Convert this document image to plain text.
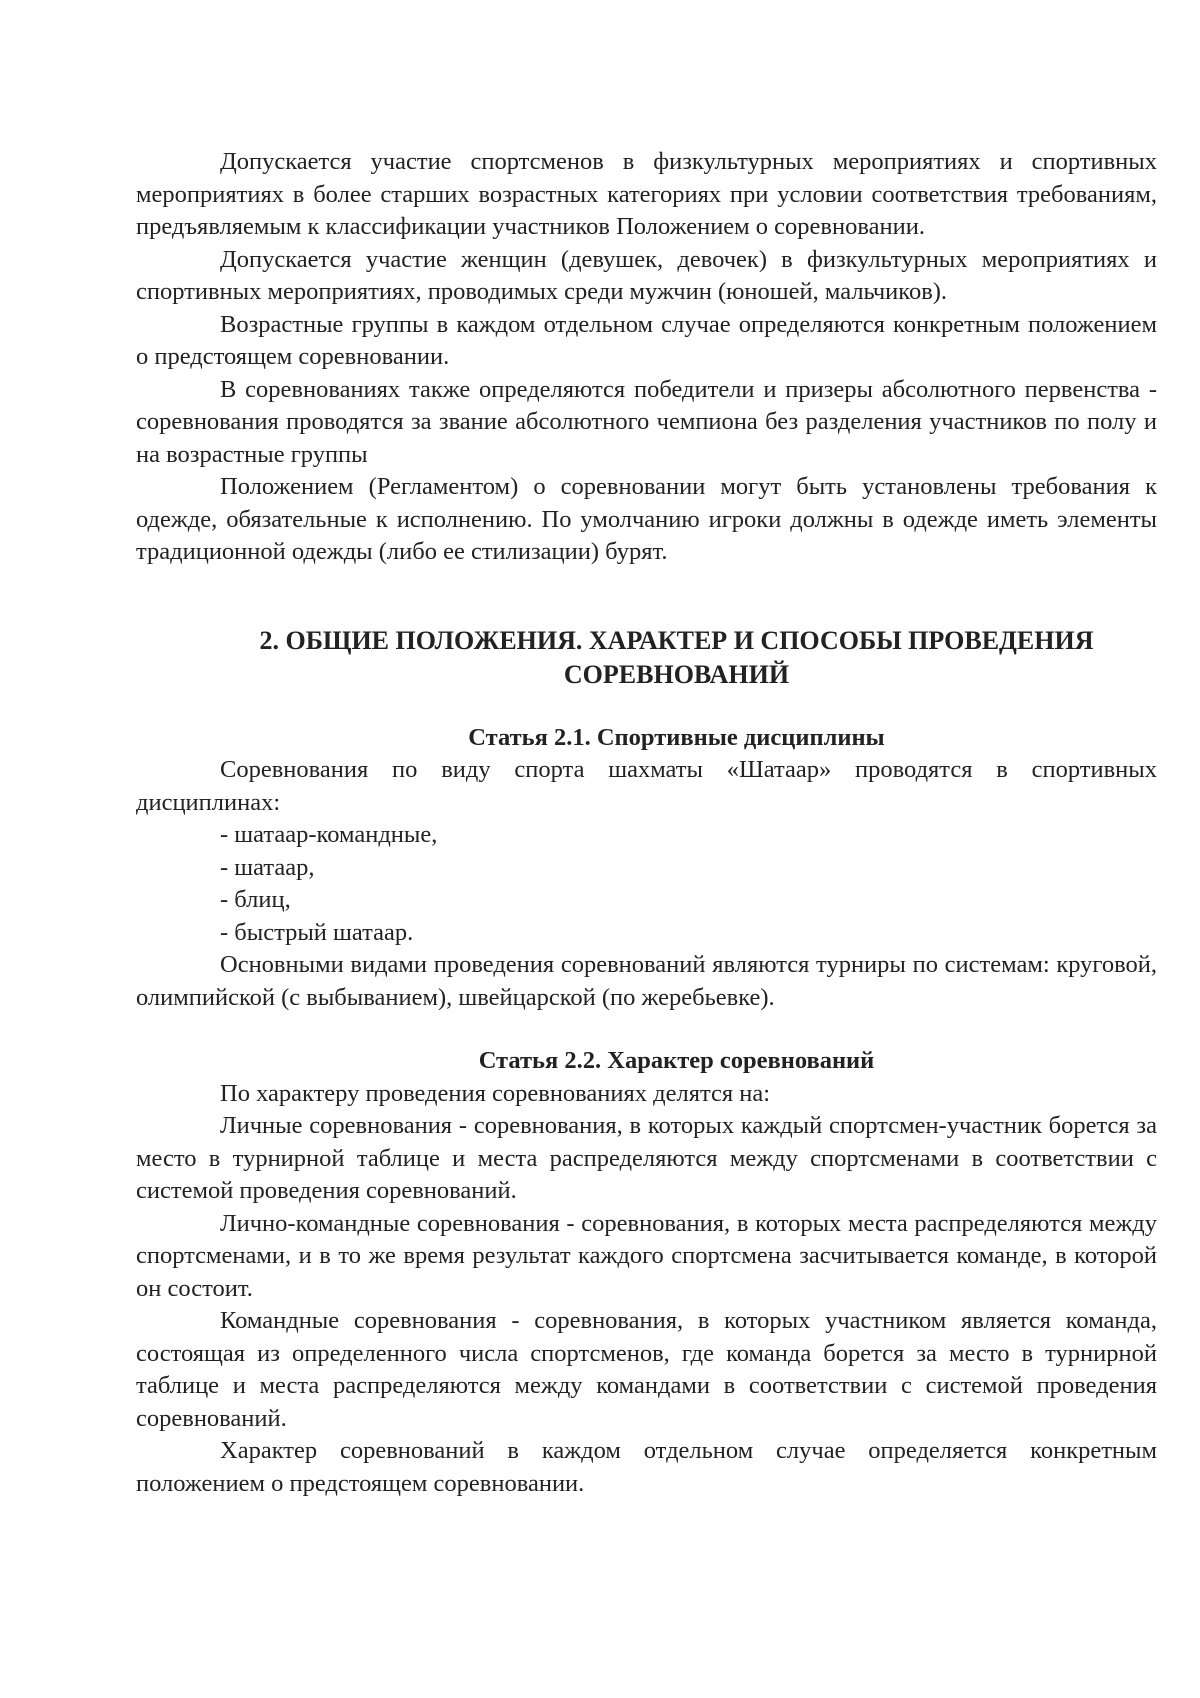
Допускается участие спортсменов в физкультурных мероприятиях и спортивных мероприятиях в более старших возрастных категориях при условии соответствия требованиям, предъявляемым к классификации участников Положением о соревновании.

Допускается участие женщин (девушек, девочек) в физкультурных мероприятиях и спортивных мероприятиях, проводимых среди мужчин (юношей, мальчиков).

Возрастные группы в каждом отдельном случае определяются конкретным положением о предстоящем соревновании.

В соревнованиях также определяются победители и призеры абсолютного первенства - соревнования проводятся за звание абсолютного чемпиона без разделения участников по полу и на возрастные группы

Положением (Регламентом) о соревновании могут быть установлены требования к одежде, обязательные к исполнению. По умолчанию игроки должны в одежде иметь элементы традиционной одежды (либо ее стилизации) бурят.

2. ОБЩИЕ ПОЛОЖЕНИЯ. ХАРАКТЕР И СПОСОБЫ ПРОВЕДЕНИЯ
СОРЕВНОВАНИЙ
Статья 2.1. Спортивные дисциплины

Соревнования по виду спорта шахматы «Шатаар» проводятся в спортивных дисциплинах:

- шатаар-командные,

- шатаар,

- блиц,

- быстрый шатаар.

Основными видами проведения соревнований являются турниры по системам: круговой, олимпийской (с выбыванием), швейцарской (по жеребьевке).

Статья 2.2. Характер соревнований

По характеру проведения соревнованиях делятся на:

Личные соревнования - соревнования, в которых каждый спортсмен-участник борется за место в турнирной таблице и места распределяются между спортсменами в соответствии с системой проведения соревнований.

Лично-командные соревнования - соревнования, в которых места распределяются между спортсменами, и в то же время результат каждого спортсмена засчитывается команде, в которой он состоит.

Командные соревнования - соревнования, в которых участником является команда, состоящая из определенного числа спортсменов, где команда борется за место в турнирной таблице и места распределяются между командами в соответствии с системой проведения соревнований.

Характер соревнований в каждом отдельном случае определяется конкретным положением о предстоящем соревновании.
